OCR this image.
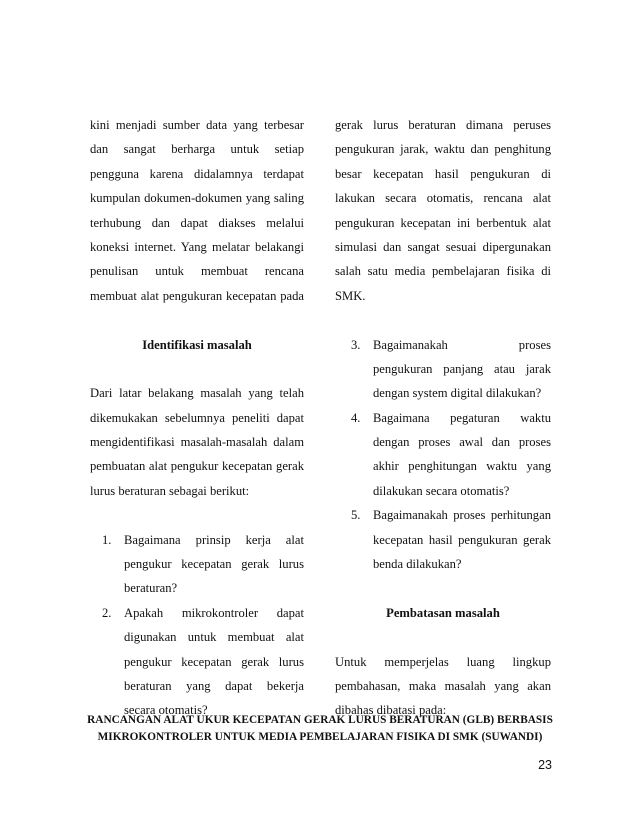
kini menjadi sumber data yang terbesar
dan sangat berharga untuk setiap
pengguna karena didalamnya terdapat
kumpulan dokumen-dokumen yang saling
terhubung dan dapat diakses melalui
koneksi internet. Yang melatar belakangi
penulisan untuk membuat rencana
membuat alat pengukuran kecepatan pada
Identifikasi masalah
Dari latar belakang masalah yang telah
dikemukakan sebelumnya peneliti dapat
mengidentifikasi masalah-masalah dalam
pembuatan alat pengukur kecepatan gerak
lurus beraturan sebagai berikut:
1. Bagaimana prinsip kerja alat
pengukur kecepatan gerak lurus
beraturan?
2. Apakah mikrokontroler dapat
digunakan untuk membuat alat
pengukur kecepatan gerak lurus
beraturan yang dapat bekerja
secara otomatis?
gerak lurus beraturan dimana peruses
pengukuran jarak, waktu dan penghitung
besar kecepatan hasil pengukuran di
lakukan secara otomatis, rencana alat
pengukuran kecepatan ini berbentuk alat
simulasi dan sangat sesuai dipergunakan
salah satu media pembelajaran fisika di
SMK.
3. Bagaimanakah proses
pengukuran panjang atau jarak
dengan system digital dilakukan?
4. Bagaimana pegaturan waktu
dengan proses awal dan proses
akhir penghitungan waktu yang
dilakukan secara otomatis?
5. Bagaimanakah proses perhitungan
kecepatan hasil pengukuran gerak
benda dilakukan?
Pembatasan masalah
Untuk memperjelas luang lingkup
pembahasan, maka masalah yang akan
dibahas dibatasi pada:
RANCANGAN ALAT UKUR KECEPATAN GERAK LURUS BERATURAN (GLB) BERBASIS
MIKROKONTROLER UNTUK MEDIA PEMBELAJARAN FISIKA DI SMK (SUWANDI)
23
